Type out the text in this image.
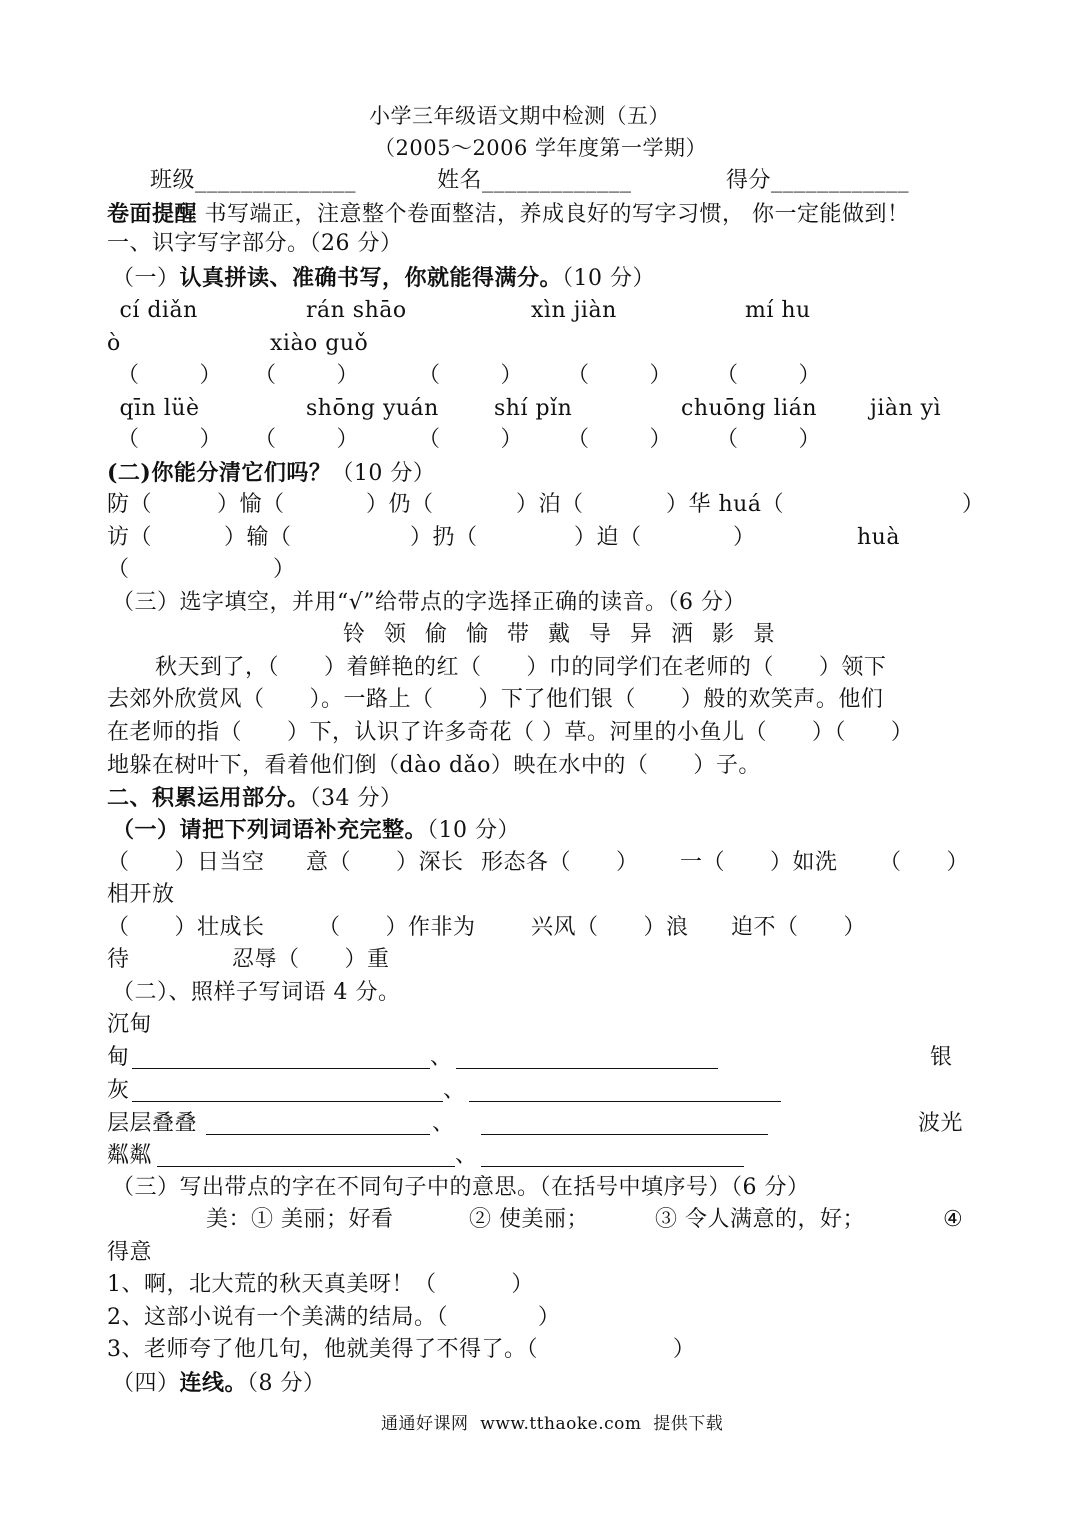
小学三年级语文期中检测（五）
（2005～2006 学年度第一学期）
班级______________	姓名_____________	得分____________
卷面提醒 书写端正，注意整个卷面整洁，养成良好的写字习惯， 你一定能做到！
一、识字写字部分。（26 分）
（一）认真拼读、准确书写，你就能得满分。（10 分）
cí diǎn	rán shāo	xìn jiàn	mí hu
ò	xiào guǒ
（        ） （        ）	（        ） （        ） （        ）
qīn lüè	shōng yuán	shí pǐn	chuōng lián jiàn yì
（        ） （        ）	（        ） （        ） （        ）
(二)你能分清它们吗？（10 分）
防（	）愉（	）仍（	）泊（	）华 huá（	）
访（	）输（	）扔（	）迫（	）	huà
（	）
（三）选字填空，并用“√”给带点的字选择正确的读音。（6 分）
铃 领 偷 愉 带 戴 导 异 洒 影 景
秋天到了，（      ）着鲜艳的红（      ）巾的同学们在老师的（      ）领下
去郊外欣赏风（      ）。一路上（      ）下了他们银（      ）般的欢笑声。他们
在老师的指（      ）下，认识了许多奇花（ ）草。河里的小鱼儿（      ）（      ）
地躲在树叶下，看着他们倒（dào dǎo）映在水中的（      ）子。
二、积累运用部分。（34 分）
（一）请把下列词语补充完整。（10 分）
（      ）日当空 意（      ）深长 形态各（      ） 一（      ）如洗 （      ）
相开放
（      ）壮成长 （      ）作非为	兴风（      ）浪 迫不（      ）
待	忍辱（      ）重
（二）、照样子写词语 4 分。
沉甸
甸	、	银
灰	、
层层叠叠	、	波光
粼粼	、
（三）写出带点的字在不同句子中的意思。（在括号中填序号）（6 分）
美：① 美丽；好看	② 使美丽；	③ 令人满意的，好；	④
得意
1、啊，北大荒的秋天真美呀！（          ）
2、这部小说有一个美满的结局。（            ）
3、老师夸了他几句，他就美得了不得了。（                  ）
（四）连线。（8 分）
通通好课网  www.tthaoke.com  提供下载
